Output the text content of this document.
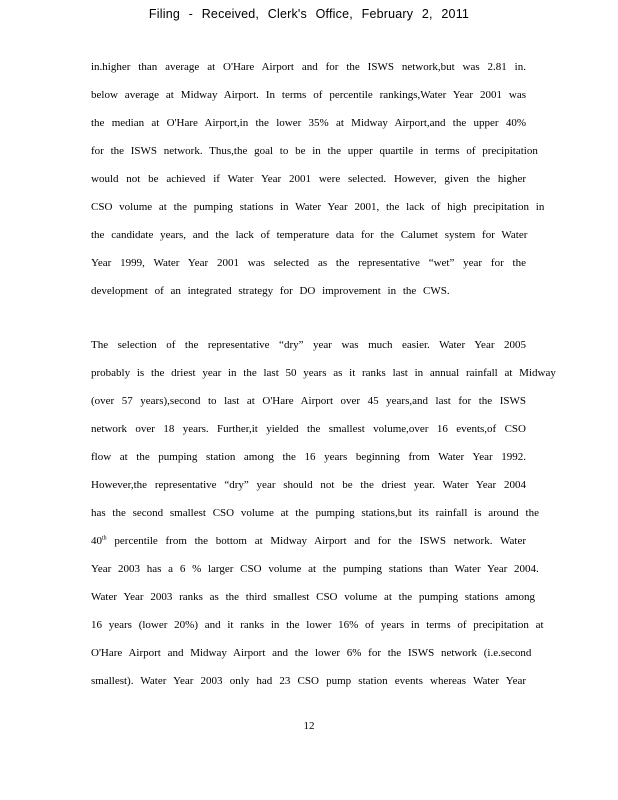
Filing - Received, Clerk's Office, February 2, 2011
in.higher than average at O'Hare Airport and for the ISWS network,but was 2.81 in.
below average at Midway Airport. In terms of percentile rankings,Water Year 2001 was
the median at O'Hare Airport,in the lower 35% at Midway Airport,and the upper 40%
for the ISWS network. Thus,the goal to be in the upper quartile in terms of precipitation
would not be achieved if Water Year 2001 were selected. However, given the higher
CSO volume at the pumping stations in Water Year 2001, the lack of high precipitation in
the candidate years, and the lack of temperature data for the Calumet system for Water
Year 1999, Water Year 2001 was selected as the representative “wet” year for the
development of an integrated strategy for DO improvement in the CWS.
The selection of the representative “dry” year was much easier. Water Year 2005
probably is the driest year in the last 50 years as it ranks last in annual rainfall at Midway
(over 57 years),second to last at O'Hare Airport over 45 years,and last for the ISWS
network over 18 years. Further,it yielded the smallest volume,over 16 events,of CSO
flow at the pumping station among the 16 years beginning from Water Year 1992.
However,the representative “dry” year should not be the driest year. Water Year 2004
has the second smallest CSO volume at the pumping stations,but its rainfall is around the
40th percentile from the bottom at Midway Airport and for the ISWS network. Water
Year 2003 has a 6 % larger CSO volume at the pumping stations than Water Year 2004.
Water Year 2003 ranks as the third smallest CSO volume at the pumping stations among
16 years (lower 20%) and it ranks in the lower 16% of years in terms of precipitation at
O'Hare Airport and Midway Airport and the lower 6% for the ISWS network (i.e.second
smallest). Water Year 2003 only had 23 CSO pump station events whereas Water Year
12
